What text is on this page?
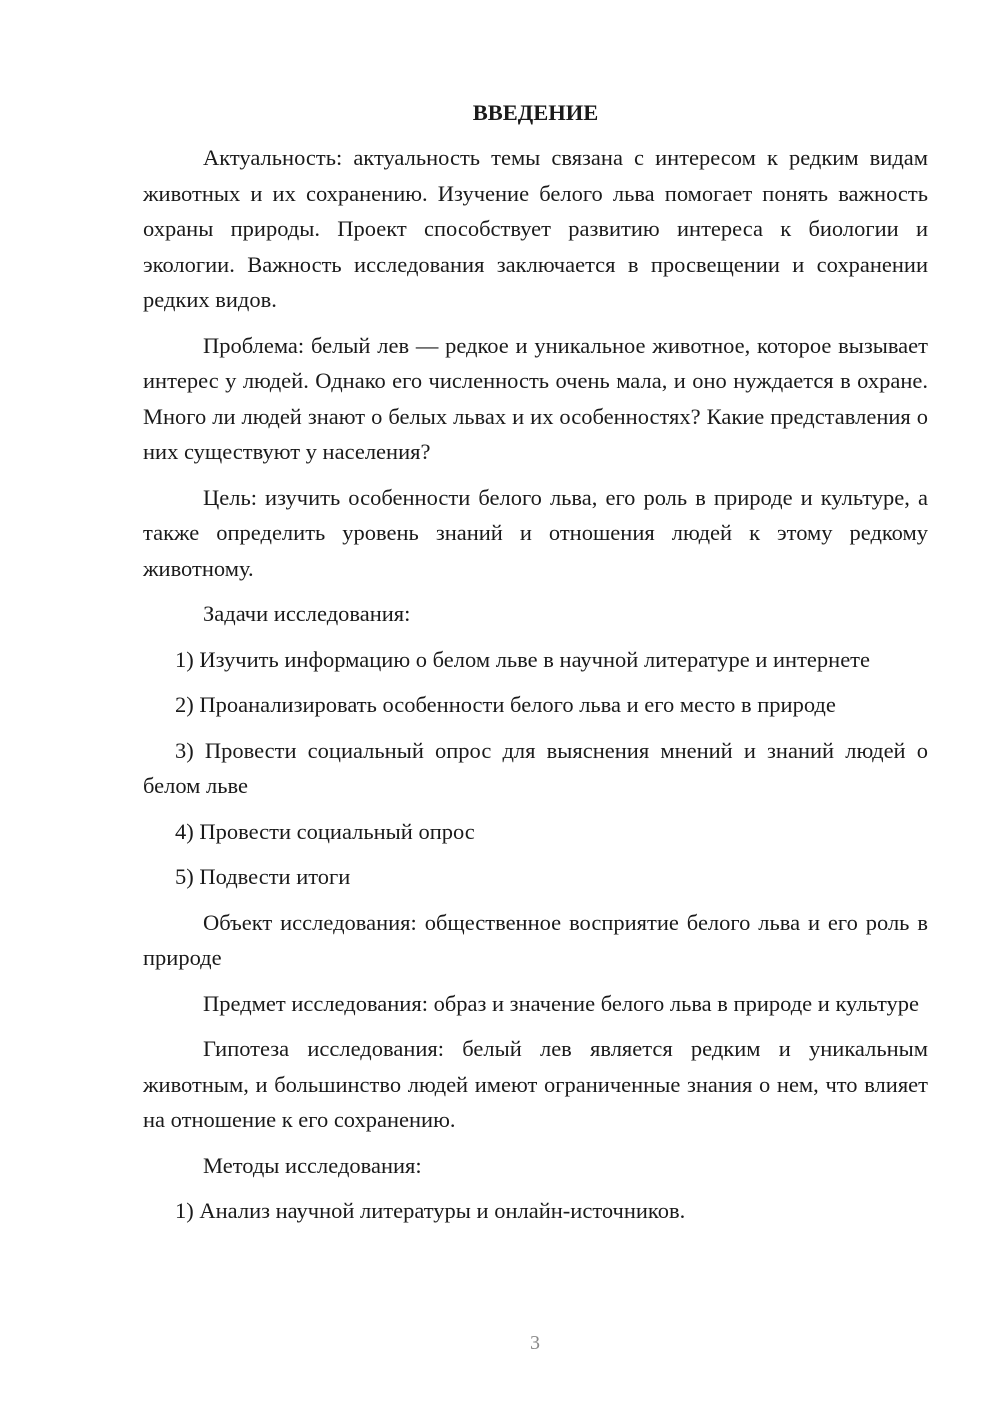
ВВЕДЕНИЕ

Актуальность: актуальность темы связана с интересом к редким видам животных и их сохранению. Изучение белого льва помогает понять важность охраны природы. Проект способствует развитию интереса к биологии и экологии. Важность исследования заключается в просвещении и сохранении редких видов.

Проблема: белый лев — редкое и уникальное животное, которое вызывает интерес у людей. Однако его численность очень мала, и оно нуждается в охране. Много ли людей знают о белых львах и их особенностях? Какие представления о них существуют у населения?

Цель: изучить особенности белого льва, его роль в природе и культуре, а также определить уровень знаний и отношения людей к этому редкому животному.

Задачи исследования:

1) Изучить информацию о белом льве в научной литературе и интернете

2) Проанализировать особенности белого льва и его место в природе

3) Провести социальный опрос для выяснения мнений и знаний людей о белом льве

4) Провести социальный опрос

5) Подвести итоги

Объект исследования: общественное восприятие белого льва и его роль в природе

Предмет исследования: образ и значение белого льва в природе и культуре

Гипотеза исследования: белый лев является редким и уникальным животным, и большинство людей имеют ограниченные знания о нем, что влияет на отношение к его сохранению.

Методы исследования:

1) Анализ научной литературы и онлайн-источников.

3
